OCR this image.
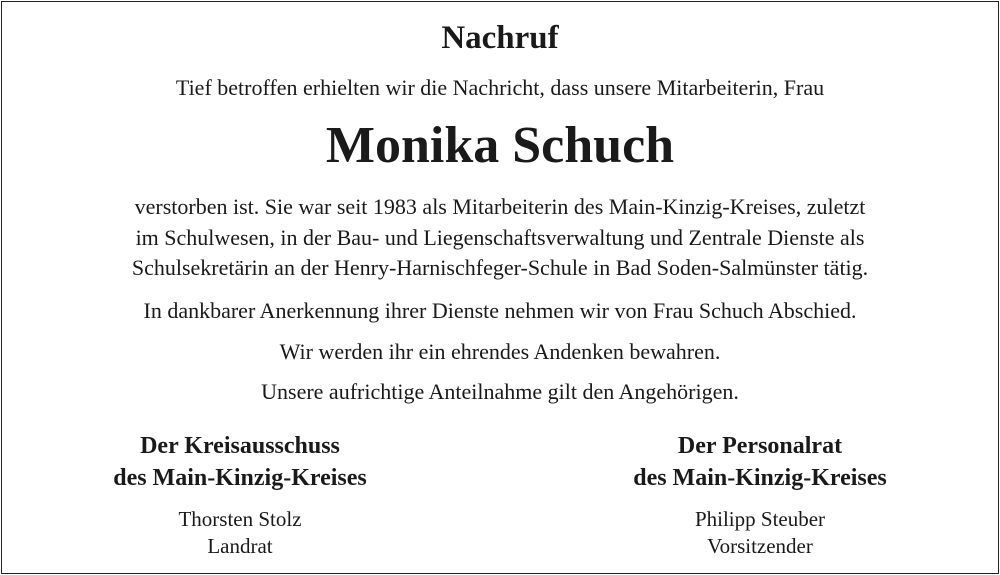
Nachruf
Tief betroffen erhielten wir die Nachricht, dass unsere Mitarbeiterin, Frau
Monika Schuch
verstorben ist. Sie war seit 1983 als Mitarbeiterin des Main-Kinzig-Kreises, zuletzt
im Schulwesen, in der Bau- und Liegenschaftsverwaltung und Zentrale Dienste als
Schulsekretärin an der Henry-Harnischfeger-Schule in Bad Soden-Salmünster tätig.
In dankbarer Anerkennung ihrer Dienste nehmen wir von Frau Schuch Abschied.
Wir werden ihr ein ehrendes Andenken bewahren.
Unsere aufrichtige Anteilnahme gilt den Angehörigen.
Der Kreisausschuss
des Main-Kinzig-Kreises
Thorsten Stolz
Landrat
Der Personalrat
des Main-Kinzig-Kreises
Philipp Steuber
Vorsitzender
